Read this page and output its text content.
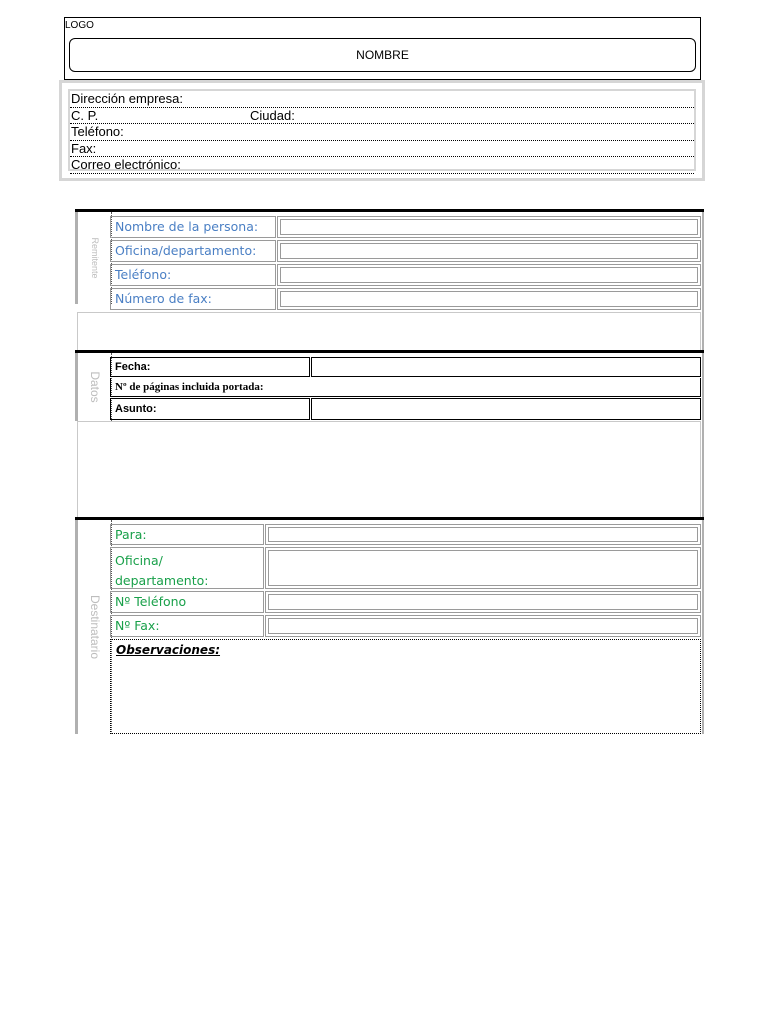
LOGO
NOMBRE
Dirección empresa:
C. P.	Ciudad:
Teléfono:
Fax:
Correo electrónico:
Remitente
Nombre de la persona:
Oficina/departamento:
Teléfono:
Número de fax:
Datos
Fecha:
Nº de páginas incluida portada:
Asunto:
Destinatario
Para:
Oficina/
departamento:
Nº Teléfono
Nº Fax:
Observaciones:
